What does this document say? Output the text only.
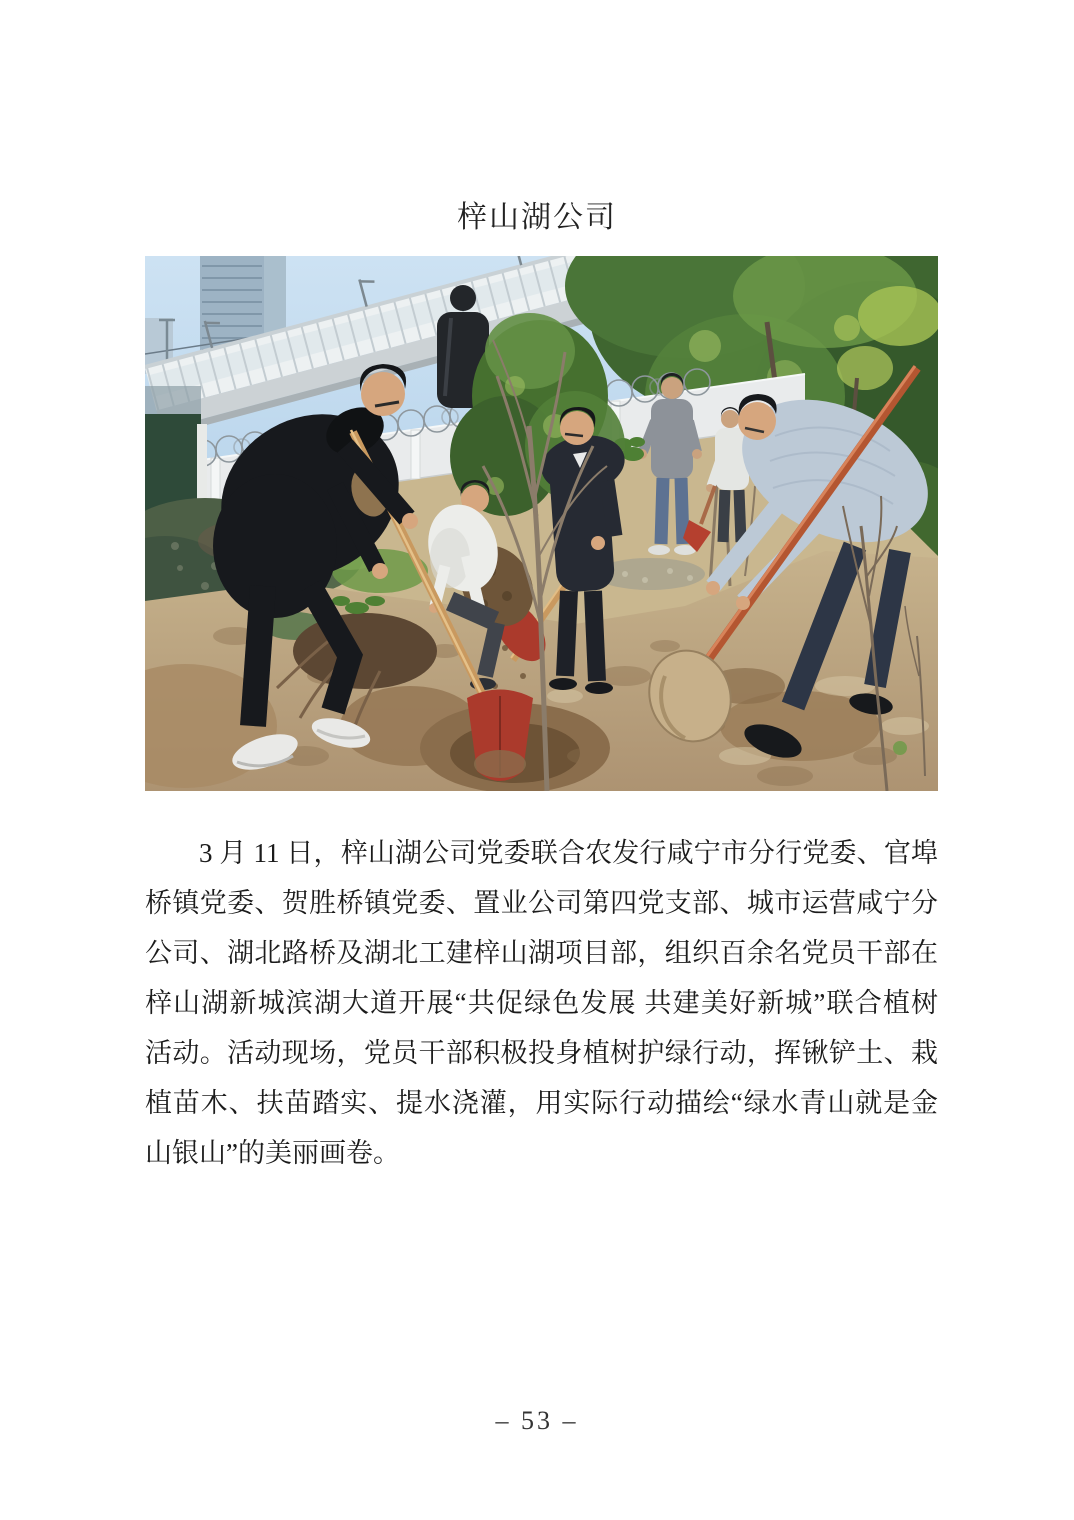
梓山湖公司
3 月 11 日，梓山湖公司党委联合农发行咸宁市分行党委、官埠
桥镇党委、贺胜桥镇党委、置业公司第四党支部、城市运营咸宁分
公司、湖北路桥及湖北工建梓山湖项目部，组织百余名党员干部在
梓山湖新城滨湖大道开展“共促绿色发展 共建美好新城”联合植树
活动。活动现场，党员干部积极投身植树护绿行动，挥锹铲土、栽
植苗木、扶苗踏实、提水浇灌，用实际行动描绘“绿水青山就是金
山银山”的美丽画卷。
– 53 –
